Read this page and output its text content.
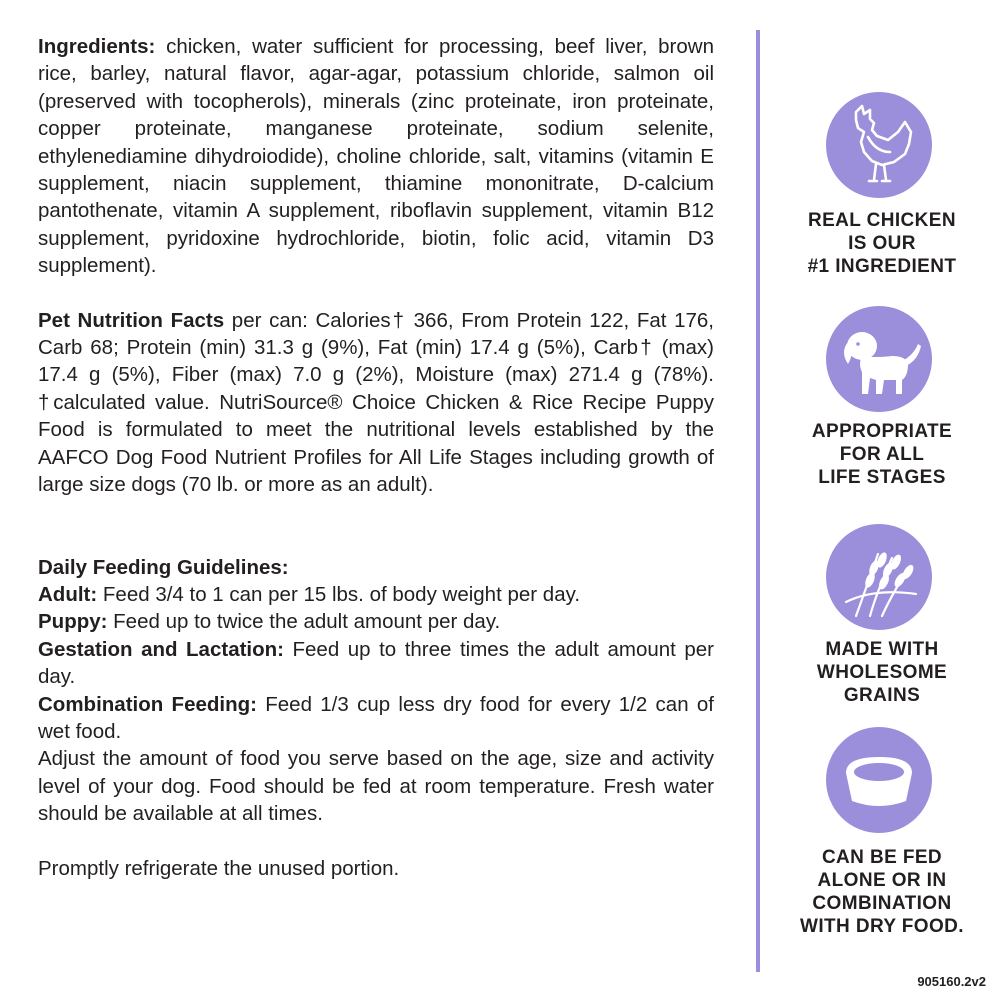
Ingredients: chicken, water sufficient for processing, beef liver, brown rice, barley, natural flavor, agar-agar, potassium chloride, salmon oil (preserved with tocopherols), minerals (zinc proteinate, iron proteinate, copper proteinate, manganese proteinate, sodium selenite, ethylenediamine dihydroiodide), choline chloride, salt, vitamins (vitamin E supplement, niacin supplement, thiamine mononitrate, D-calcium pantothenate, vitamin A supplement, riboflavin supplement, vitamin B12 supplement, pyridoxine hydrochloride, biotin, folic acid, vitamin D3 supplement).

Pet Nutrition Facts per can: Calories† 366, From Protein 122, Fat 176, Carb 68; Protein (min) 31.3 g (9%), Fat (min) 17.4 g (5%), Carb† (max) 17.4 g (5%), Fiber (max) 7.0 g (2%), Moisture (max) 271.4 g (78%). †calculated value. NutriSource® Choice Chicken & Rice Recipe Puppy Food is formulated to meet the nutritional levels established by the AAFCO Dog Food Nutrient Profiles for All Life Stages including growth of large size dogs (70 lb. or more as an adult).

Daily Feeding Guidelines:

Adult: Feed 3/4 to 1 can per 15 lbs. of body weight per day.

Puppy: Feed up to twice the adult amount per day.

Gestation and Lactation: Feed up to three times the adult amount per day.

Combination Feeding: Feed 1/3 cup less dry food for every 1/2 can of wet food.

Adjust the amount of food you serve based on the age, size and activity level of your dog. Food should be fed at room temperature. Fresh water should be available at all times.

Promptly refrigerate the unused portion.

REAL CHICKEN
IS OUR
#1 INGREDIENT
APPROPRIATE
FOR ALL
LIFE STAGES
MADE WITH
WHOLESOME
GRAINS
CAN BE FED
ALONE OR IN
COMBINATION
WITH DRY FOOD.
905160.2v2
